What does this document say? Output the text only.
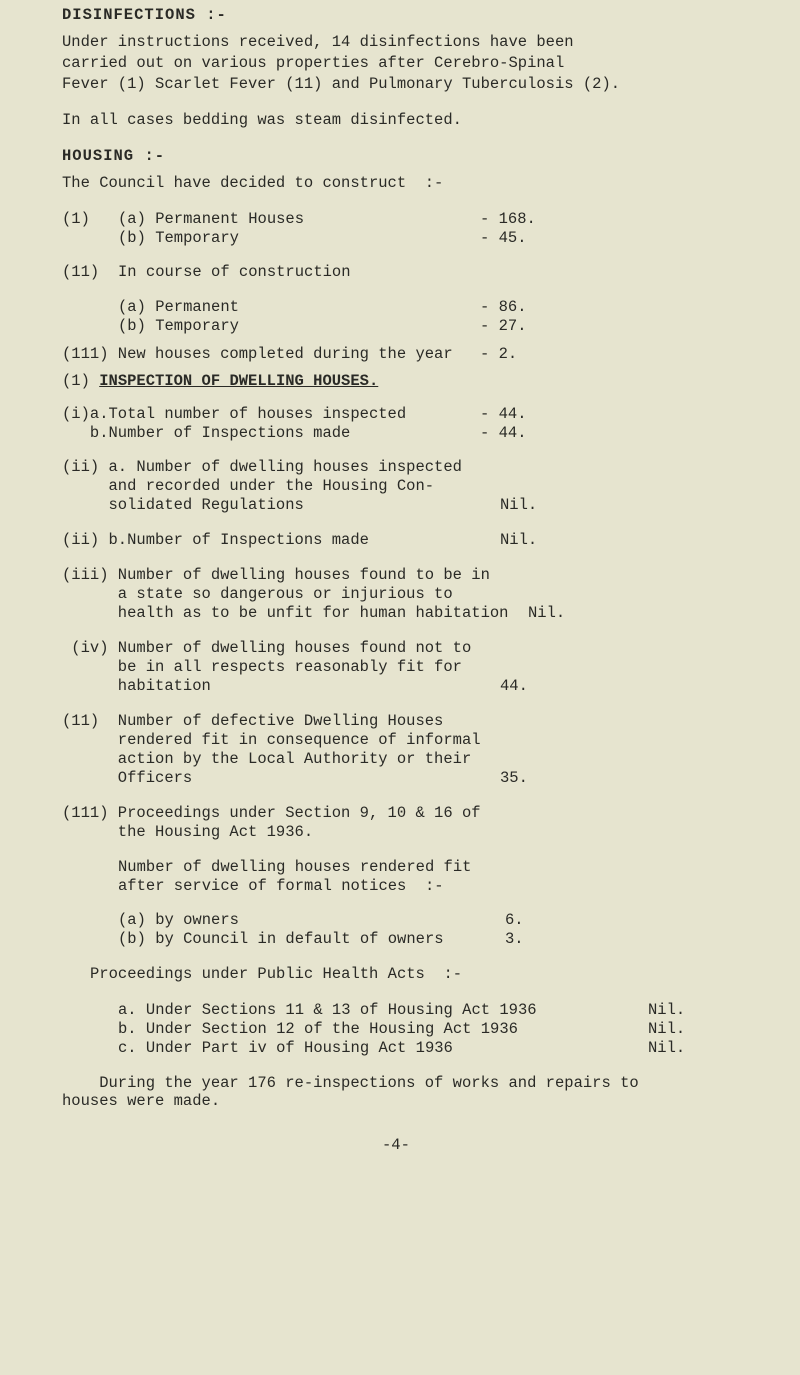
DISINFECTIONS :-
Under instructions received, 14 disinfections have been
carried out on various properties after Cerebro-Spinal
Fever (1) Scarlet Fever (11) and Pulmonary Tuberculosis (2).
In all cases bedding was steam disinfected.
HOUSING :-
The Council have decided to construct  :-
(1) (a) Permanent Houses	- 168.
(b) Temporary	- 45.
(11) In course of construction
(a) Permanent	- 86.
(b) Temporary	- 27.
(111) New houses completed during the year - 2.
(1) INSPECTION OF DWELLING HOUSES.
(i)a.Total number of houses inspected	- 44.
b.Number of Inspections made	- 44.
(ii) a. Number of dwelling houses inspected
and recorded under the Housing Con-
solidated Regulations	Nil.
(ii) b.Number of Inspections made	Nil.
(iii) Number of dwelling houses found to be in
a state so dangerous or injurious to
health as to be unfit for human habitation Nil.
(iv) Number of dwelling houses found not to
be in all respects reasonably fit for
habitation	44.
(11)  Number of defective Dwelling Houses
rendered fit in consequence of informal
action by the Local Authority or their
Officers	35.
(111) Proceedings under Section 9, 10 & 16 of
the Housing Act 1936.
Number of dwelling houses rendered fit
after service of formal notices  :-
(a) by owners	6.
(b) by Council in default of owners	3.
Proceedings under Public Health Acts  :-
a. Under Sections 11 & 13 of Housing Act 1936	Nil.
b. Under Section 12 of the Housing Act 1936	Nil.
c. Under Part iv of Housing Act 1936	Nil.
During the year 176 re-inspections of works and repairs to
houses were made.
-4-
